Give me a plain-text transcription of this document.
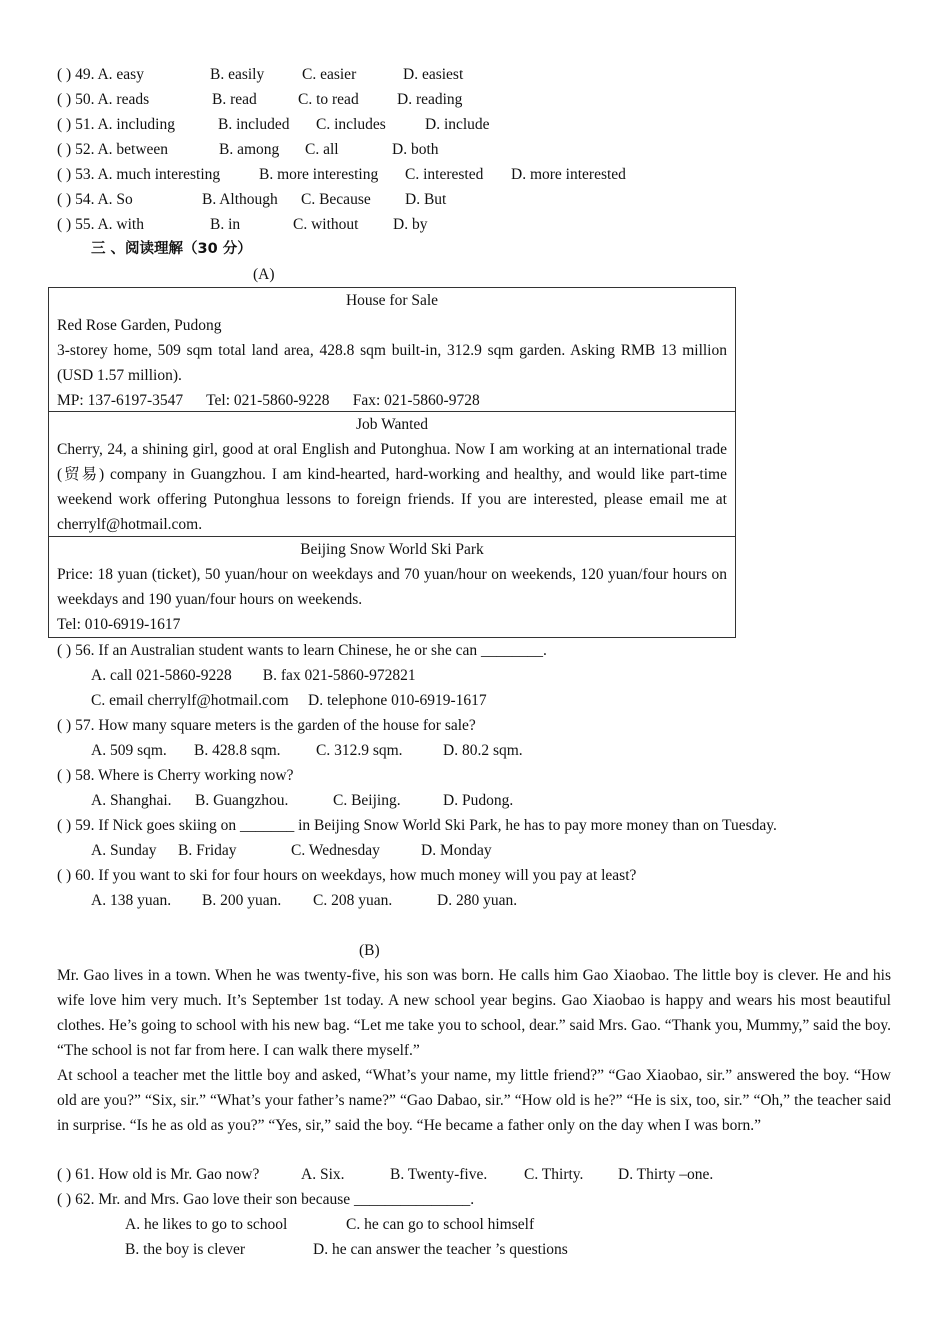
( ) 49. A. easy	B. easily C. easier	D. easiest
( ) 50. A. reads	B. read	C. to read D. reading
( ) 51. A. including	B. included C. includes	D. include
( ) 52. A. between	B. among C. all	D. both
( ) 53. A. much interesting	B. more interesting C. interested D. more interested
( ) 54. A. So	B. Although C. Because D. But
( ) 55. A. with	B. in	C. without D. by
三 、阅读理解（30 分）
(A)
House for Sale
Red Rose Garden, Pudong
3-storey home, 509 sqm total land area, 428.8 sqm built-in, 312.9 sqm garden. Asking RMB 13 million (USD 1.57 million).
MP: 137-6197-3547      Tel: 021-5860-9228      Fax: 021-5860-9728
Job Wanted
Cherry, 24, a shining girl, good at oral English and Putonghua. Now I am working at an international trade (贸易) company in Guangzhou. I am kind-hearted, hard-working and healthy, and would like part-time weekend work offering Putonghua lessons to foreign friends. If you are interested, please email me at cherrylf@hotmail.com.
Beijing Snow World Ski Park
Price: 18 yuan (ticket), 50 yuan/hour on weekdays and 70 yuan/hour on weekends, 120 yuan/four hours on weekdays and 190 yuan/four hours on weekends.
Tel: 010-6919-1617
( ) 56. If an Australian student wants to learn Chinese, he or she can ________.
A. call 021-5860-9228        B. fax 021-5860-972821
C. email cherrylf@hotmail.com     D. telephone 010-6919-1617
( ) 57. How many square meters is the garden of the house for sale?
A. 509 sqm. B. 428.8 sqm. C. 312.9 sqm.	D. 80.2 sqm.
( ) 58. Where is Cherry working now?
A. Shanghai. B. Guangzhou.	C. Beijing.	D. Pudong.
( ) 59. If Nick goes skiing on _______ in Beijing Snow World Ski Park, he has to pay more money than on Tuesday.
A. Sunday B. Friday	C. Wednesday	D. Monday
( ) 60. If you want to ski for four hours on weekdays, how much money will you pay at least?
A. 138 yuan. B. 200 yuan. C. 208 yuan.	D. 280 yuan.
(B)
Mr. Gao lives in a town. When he was twenty-five, his son was born. He calls him Gao Xiaobao. The little boy is clever. He and his wife love him very much. It’s September 1st today. A new school year begins. Gao Xiaobao is happy and wears his most beautiful clothes. He’s going to school with his new bag. “Let me take you to school, dear.” said Mrs. Gao. “Thank you, Mummy,” said the boy. “The school is not far from here. I can walk there myself.”
At school a teacher met the little boy and asked, “What’s your name, my little friend?” “Gao Xiaobao, sir.” answered the boy. “How old are you?” “Six, sir.” “What’s your father’s name?” “Gao Dabao, sir.” “How old is he?” “He is six, too, sir.” “Oh,” the teacher said in surprise. “Is he as old as you?” “Yes, sir,” said the boy. “He became a father only on the day when I was born.”
( ) 61. How old is Mr. Gao now?	A. Six.	B. Twenty-five. C. Thirty. D. Thirty –one.
( ) 62. Mr. and Mrs. Gao love their son because _______________.
A. he likes to go to school	C. he can go to school himself
B. the boy is clever	D. he can answer the teacher ’s questions
